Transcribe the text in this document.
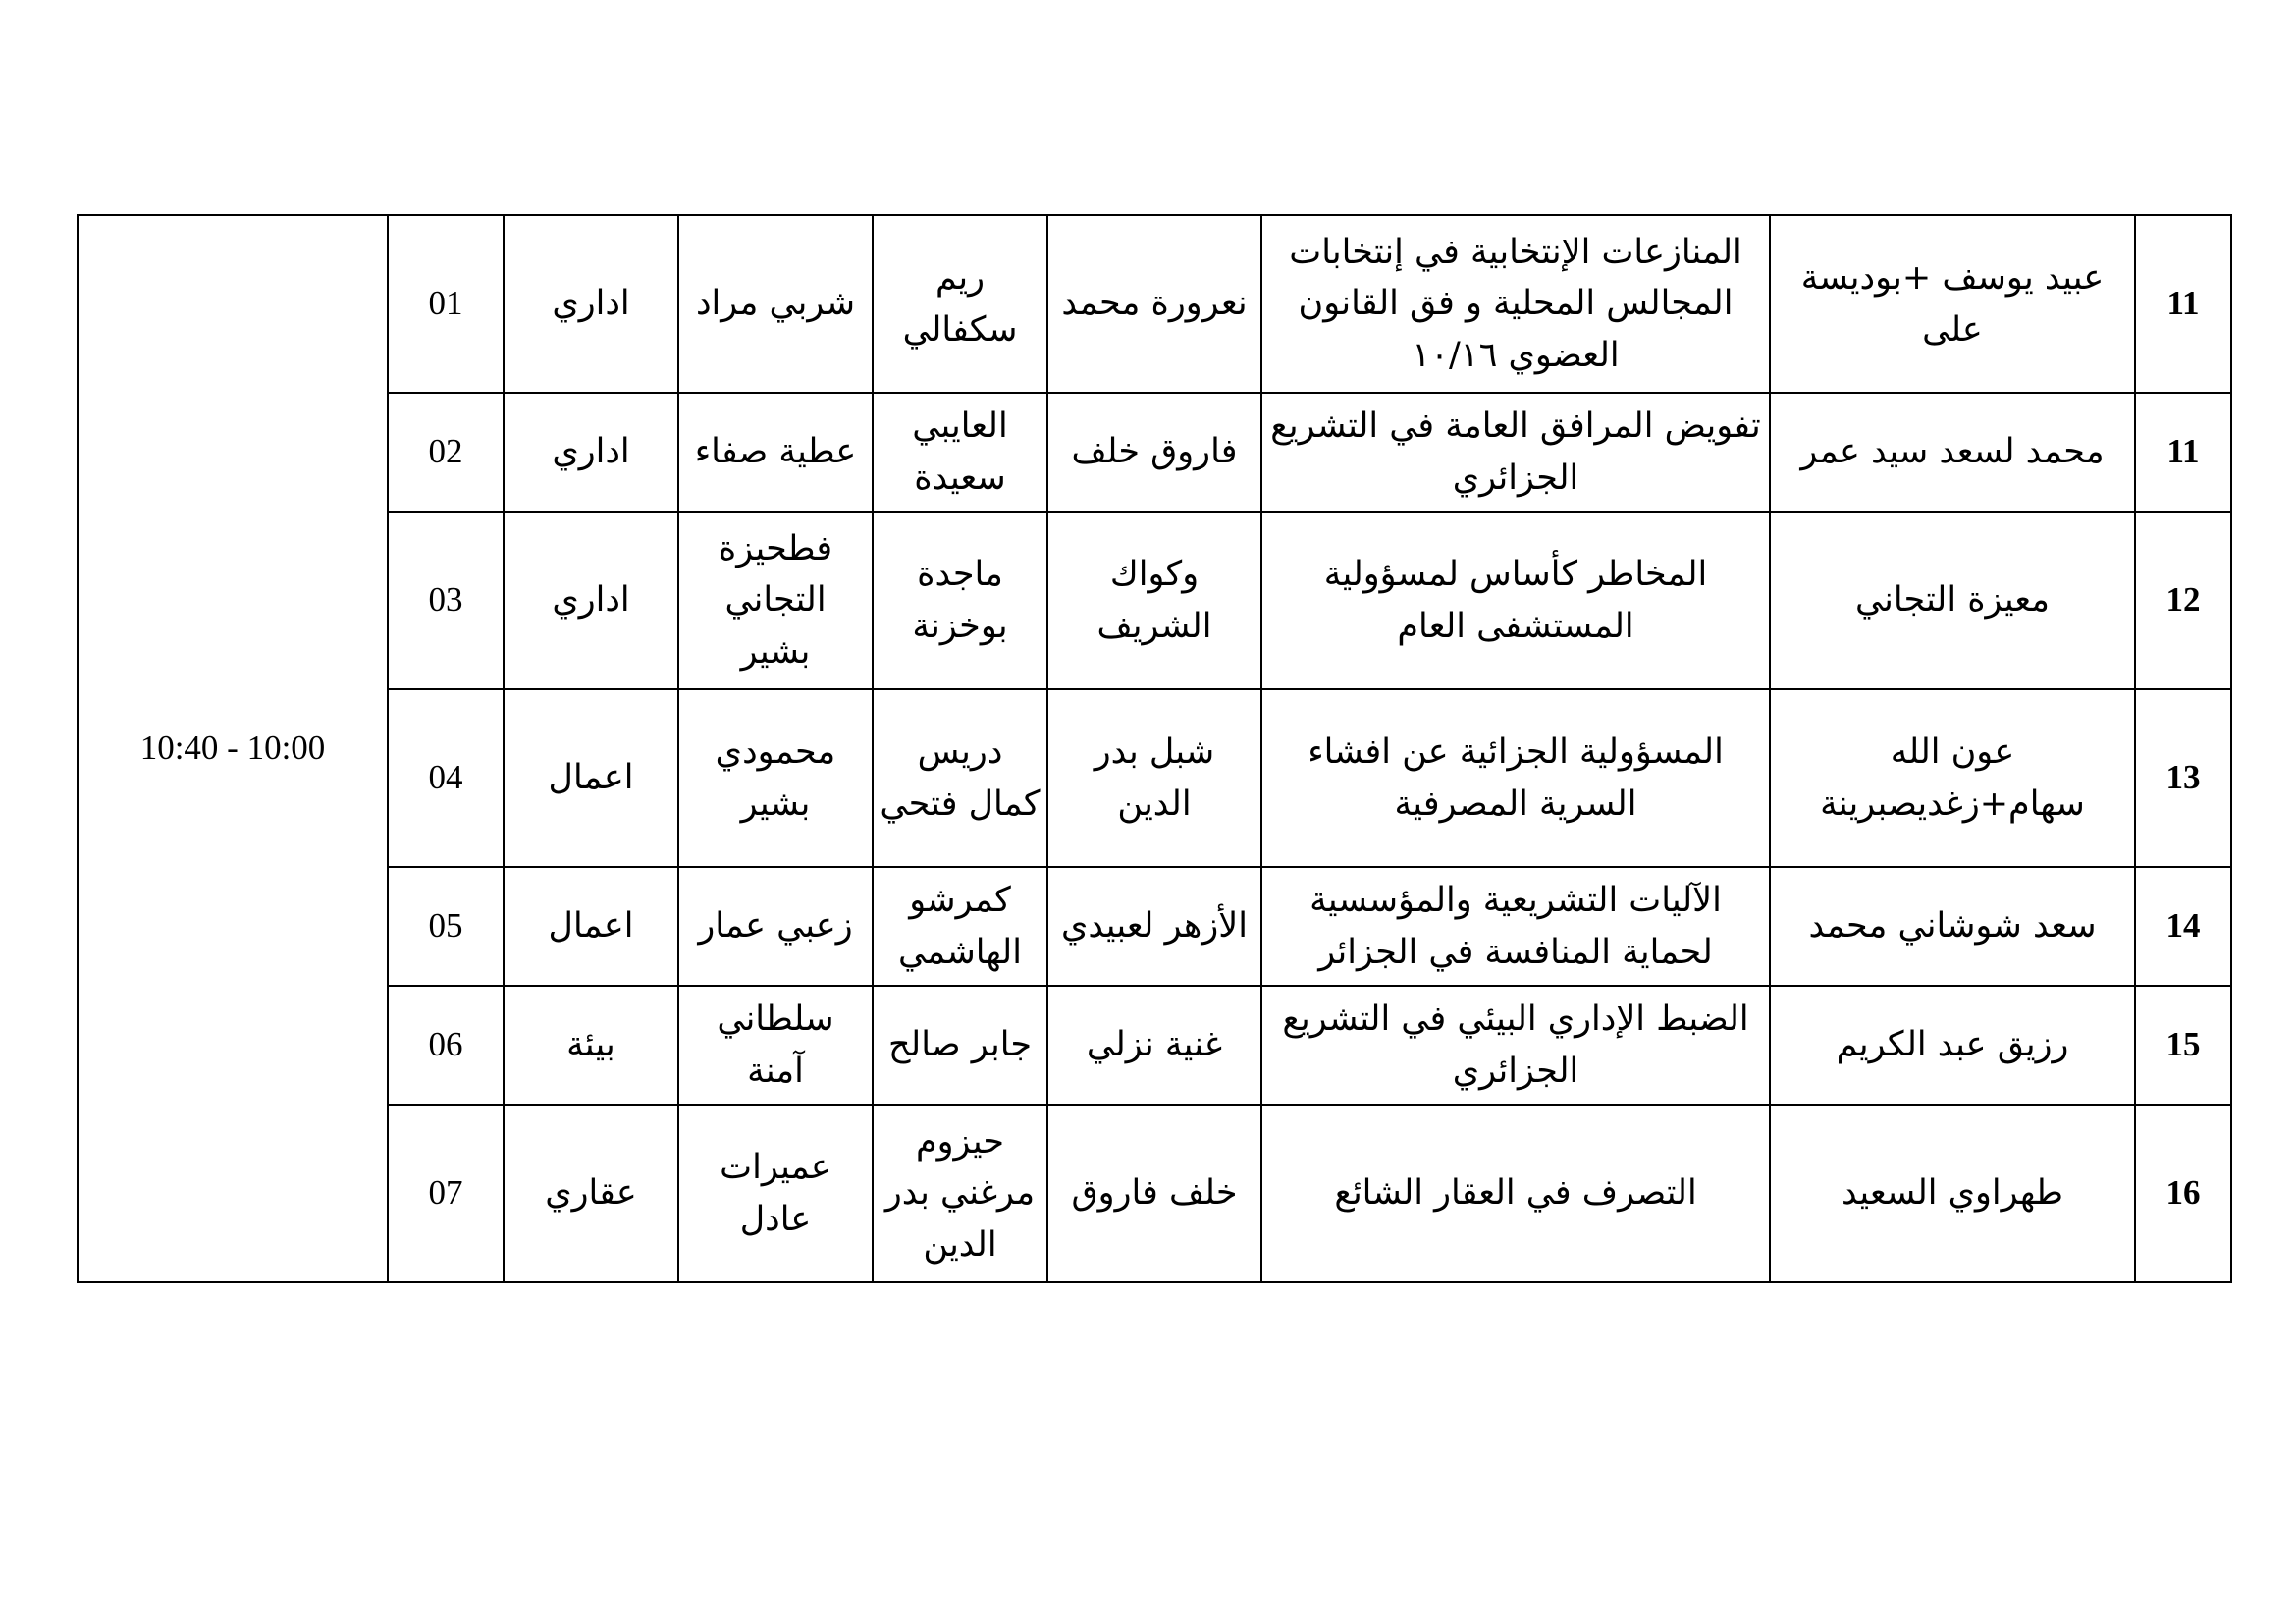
10:40 - 10:00	01	اداري	شربي مراد	ريم سكفالي	نعرورة محمد	المنازعات الإنتخابية في إنتخابات المجالس المحلية و فق القانون العضوي ١٠/١٦	عبيد يوسف +بوديسة على	11
	02	اداري	عطية صفاء	العايبي سعيدة	فاروق خلف	تفويض المرافق العامة في التشريع الجزائري	محمد لسعد سيد عمر	11
	03	اداري	فطحيزة التجاني بشير	ماجدة بوخزنة	وكواك الشريف	المخاطر كأساس لمسؤولية المستشفى العام	معيزة التجاني	12
	04	اعمال	محمودي بشير	دريس كمال فتحي	شبل بدر الدين	المسؤولية الجزائية عن افشاء السرية المصرفية	عون الله سهام+زغديصبرينة	13
	05	اعمال	زعبي عمار	كمرشو الهاشمي	الأزهر لعبيدي	الآليات التشريعية والمؤسسية لحماية المنافسة في الجزائر	سعد شوشاني محمد	14
	06	بيئة	سلطاني آمنة	جابر صالح	غنية نزلي	الضبط الإداري البيئي في التشريع الجزائري	رزيق عبد الكريم	15
	07	عقاري	عميرات عادل	حيزوم مرغني بدر الدين	خلف فاروق	التصرف في العقار الشائع	طهراوي السعيد	16
